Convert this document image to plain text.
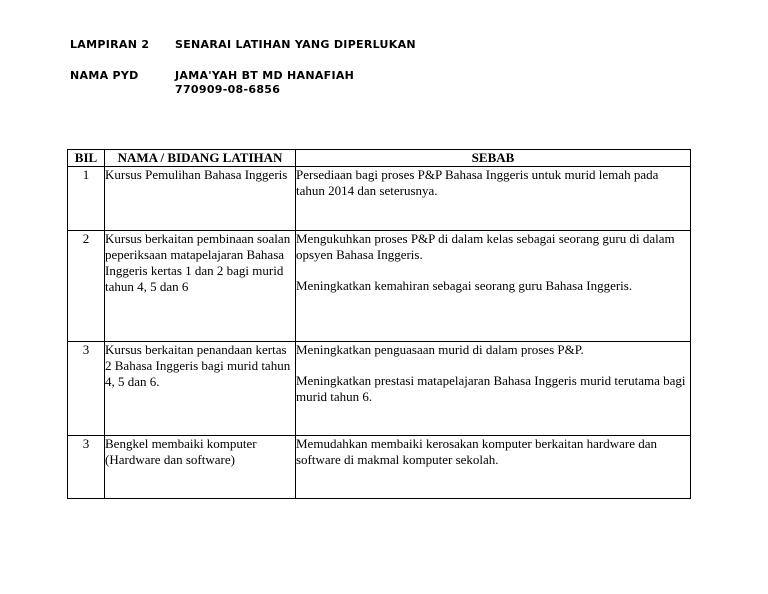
LAMPIRAN 2 SENARAI LATIHAN YANG DIPERLUKAN
NAMA PYD	JAMA'YAH BT MD HANAFIAH
770909-08-6856
BIL	NAMA / BIDANG LATIHAN	SEBAB
1	Kursus Pemulihan Bahasa Inggeris	Persediaan bagi proses P&P Bahasa Inggeris untuk murid lemah pada tahun 2014 dan seterusnya.

2	Kursus berkaitan pembinaan soalan peperiksaan matapelajaran Bahasa Inggeris kertas 1 dan 2 bagi murid tahun 4, 5 dan 6	Mengukuhkan proses P&P di dalam kelas sebagai seorang guru di dalam opsyen Bahasa Inggeris.

Meningkatkan kemahiran sebagai seorang guru Bahasa Inggeris.

3	Kursus berkaitan penandaan kertas 2 Bahasa Inggeris bagi murid tahun 4, 5 dan 6.	Meningkatkan penguasaan murid di dalam proses P&P.

Meningkatkan prestasi matapelajaran Bahasa Inggeris murid terutama bagi murid tahun 6.

3	Bengkel membaiki komputer (Hardware dan software)	Memudahkan membaiki kerosakan komputer berkaitan hardware dan software di makmal komputer sekolah.
